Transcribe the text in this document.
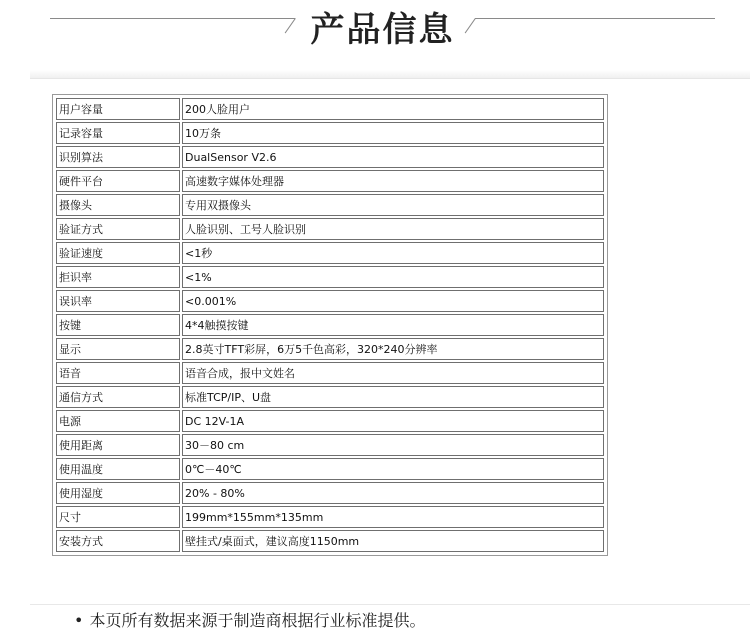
产品信息
用户容量	200人脸用户
记录容量	10万条
识别算法	DualSensor V2.6
硬件平台	高速数字媒体处理器
摄像头	专用双摄像头
验证方式	人脸识别、工号人脸识别
验证速度	<1秒
拒识率	<1%
误识率	<0.001%
按键	4*4触摸按键
显示	2.8英寸TFT彩屏，6万5千色高彩，320*240分辨率
语音	语音合成，报中文姓名
通信方式	标准TCP/IP、U盘
电源	DC 12V-1A
使用距离	30－80 cm
使用温度	0℃－40℃
使用湿度	20% - 80%
尺寸	199mm*155mm*135mm
安装方式	壁挂式/桌面式，建议高度1150mm
• 本页所有数据来源于制造商根据行业标准提供。
